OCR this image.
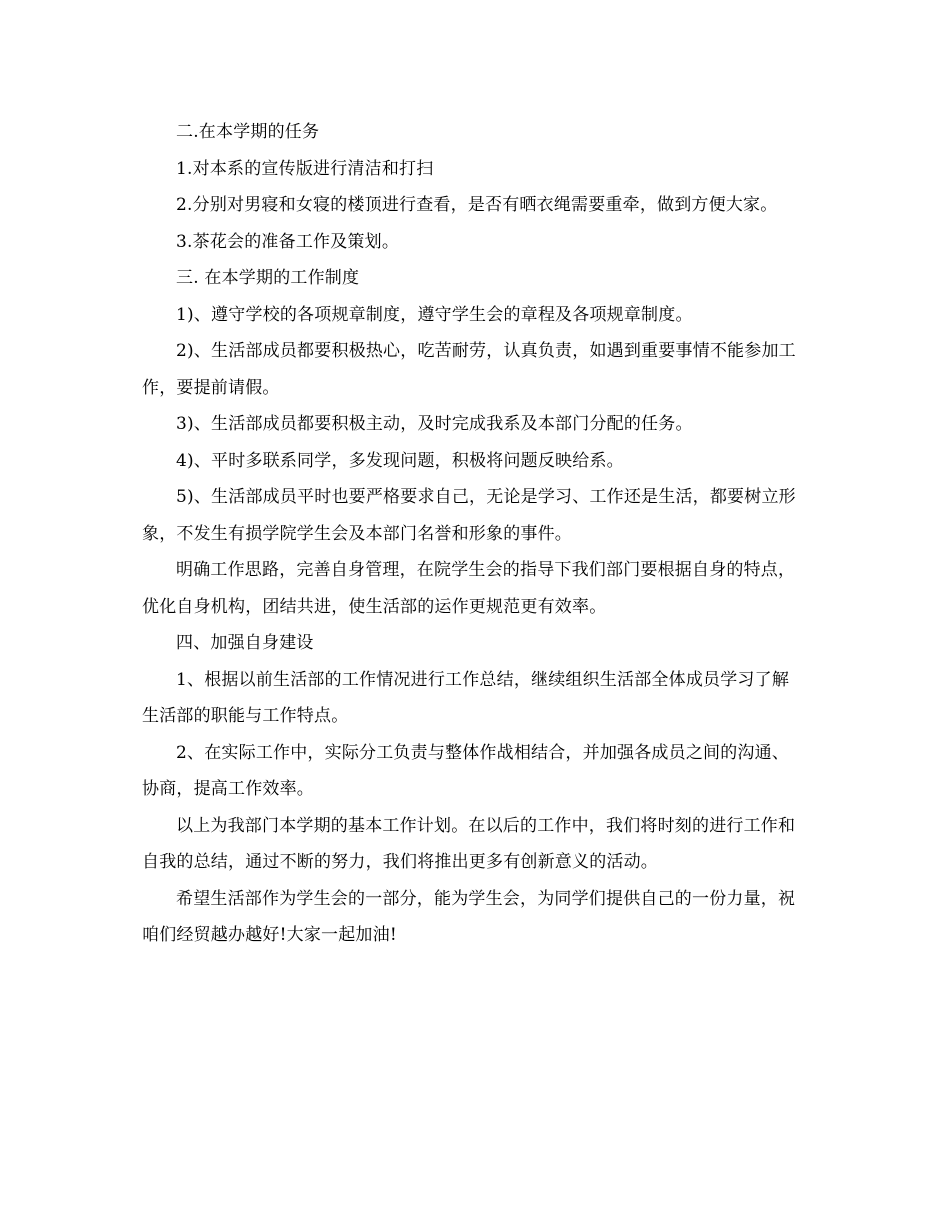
二.在本学期的任务

1.对本系的宣传版进行清洁和打扫

2.分别对男寝和女寝的楼顶进行查看，是否有晒衣绳需要重牵，做到方便大家。

3.茶花会的准备工作及策划。

三. 在本学期的工作制度

1)、遵守学校的各项规章制度，遵守学生会的章程及各项规章制度。

2)、生活部成员都要积极热心，吃苦耐劳，认真负责，如遇到重要事情不能参加工作，要提前请假。

3)、生活部成员都要积极主动，及时完成我系及本部门分配的任务。

4)、平时多联系同学，多发现问题，积极将问题反映给系。

5)、生活部成员平时也要严格要求自己，无论是学习、工作还是生活，都要树立形象，不发生有损学院学生会及本部门名誉和形象的事件。

明确工作思路，完善自身管理，在院学生会的指导下我们部门要根据自身的特点，优化自身机构，团结共进，使生活部的运作更规范更有效率。

四、加强自身建设

1、根据以前生活部的工作情况进行工作总结，继续组织生活部全体成员学习了解生活部的职能与工作特点。

2、在实际工作中，实际分工负责与整体作战相结合，并加强各成员之间的沟通、协商，提高工作效率。

以上为我部门本学期的基本工作计划。在以后的工作中，我们将时刻的进行工作和自我的总结，通过不断的努力，我们将推出更多有创新意义的活动。

希望生活部作为学生会的一部分，能为学生会，为同学们提供自己的一份力量，祝咱们经贸越办越好!大家一起加油!
